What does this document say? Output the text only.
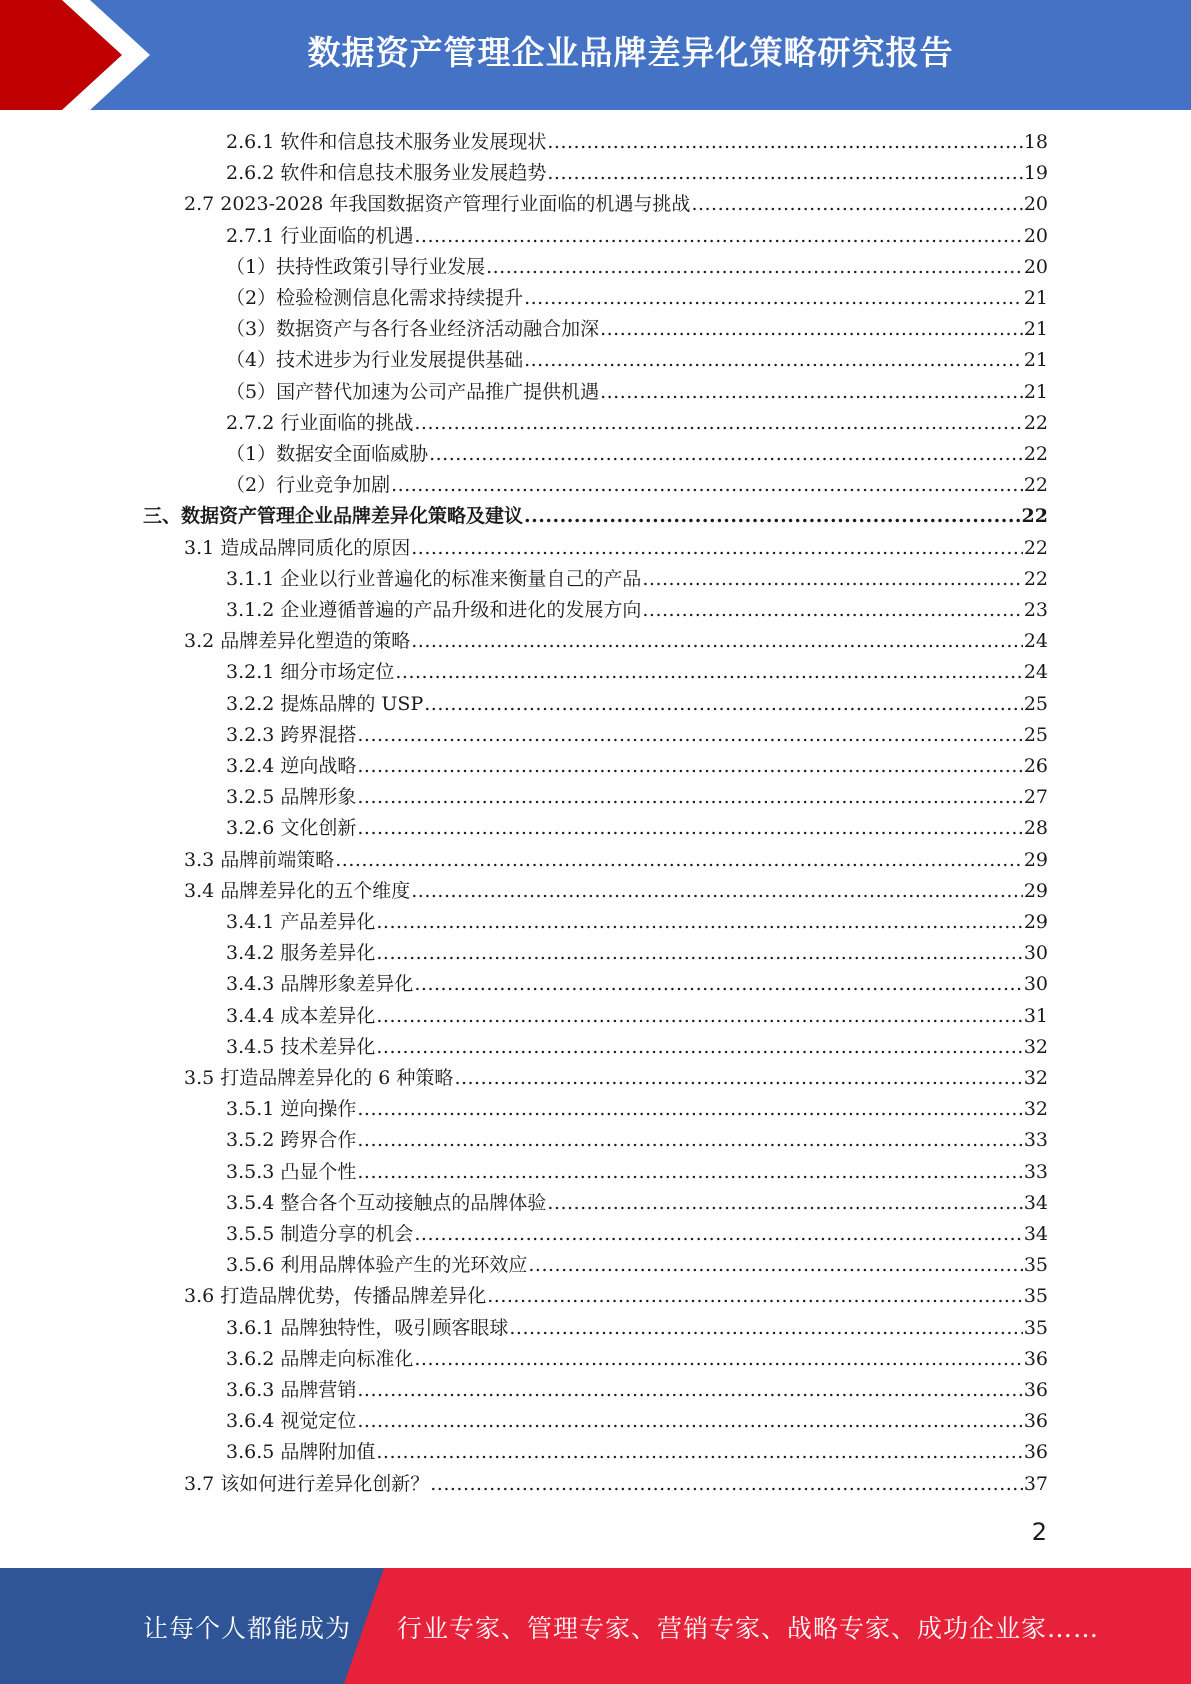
数据资产管理企业品牌差异化策略研究报告
2.6.1 软件和信息技术服务业发展现状 .....	18
2.6.2 软件和信息技术服务业发展趋势 .....	19
2.7 2023-2028 年我国数据资产管理行业面临的机遇与挑战 .....	20
2.7.1 行业面临的机遇 .....	20
（1）扶持性政策引导行业发展 .....	20
（2）检验检测信息化需求持续提升 .....	21
（3）数据资产与各行各业经济活动融合加深 .....	21
（4）技术进步为行业发展提供基础 .....	21
（5）国产替代加速为公司产品推广提供机遇 .....	21
2.7.2 行业面临的挑战 .....	22
（1）数据安全面临威胁 .....	22
（2）行业竞争加剧 .....	22
三、数据资产管理企业品牌差异化策略及建议 .....	22
3.1 造成品牌同质化的原因 .....	22
3.1.1 企业以行业普遍化的标准来衡量自己的产品 .....	22
3.1.2 企业遵循普遍的产品升级和进化的发展方向 .....	23
3.2 品牌差异化塑造的策略 .....	24
3.2.1 细分市场定位 .....	24
3.2.2 提炼品牌的 USP .....	25
3.2.3 跨界混搭 .....	25
3.2.4 逆向战略 .....	26
3.2.5 品牌形象 .....	27
3.2.6 文化创新 .....	28
3.3 品牌前端策略 .....	29
3.4 品牌差异化的五个维度 .....	29
3.4.1 产品差异化 .....	29
3.4.2 服务差异化 .....	30
3.4.3 品牌形象差异化 .....	30
3.4.4 成本差异化 .....	31
3.4.5 技术差异化 .....	32
3.5 打造品牌差异化的 6 种策略 .....	32
3.5.1 逆向操作 .....	32
3.5.2 跨界合作 .....	33
3.5.3 凸显个性 .....	33
3.5.4 整合各个互动接触点的品牌体验 .....	34
3.5.5 制造分享的机会 .....	34
3.5.6 利用品牌体验产生的光环效应 .....	35
3.6 打造品牌优势，传播品牌差异化 .....	35
3.6.1 品牌独特性，吸引顾客眼球 .....	35
3.6.2 品牌走向标准化 .....	36
3.6.3 品牌营销 .....	36
3.6.4 视觉定位 .....	36
3.6.5 品牌附加值 .....	36
3.7 该如何进行差异化创新？ .....	37
2
让每个人都能成为 行业专家、管理专家、营销专家、战略专家、成功企业家……
